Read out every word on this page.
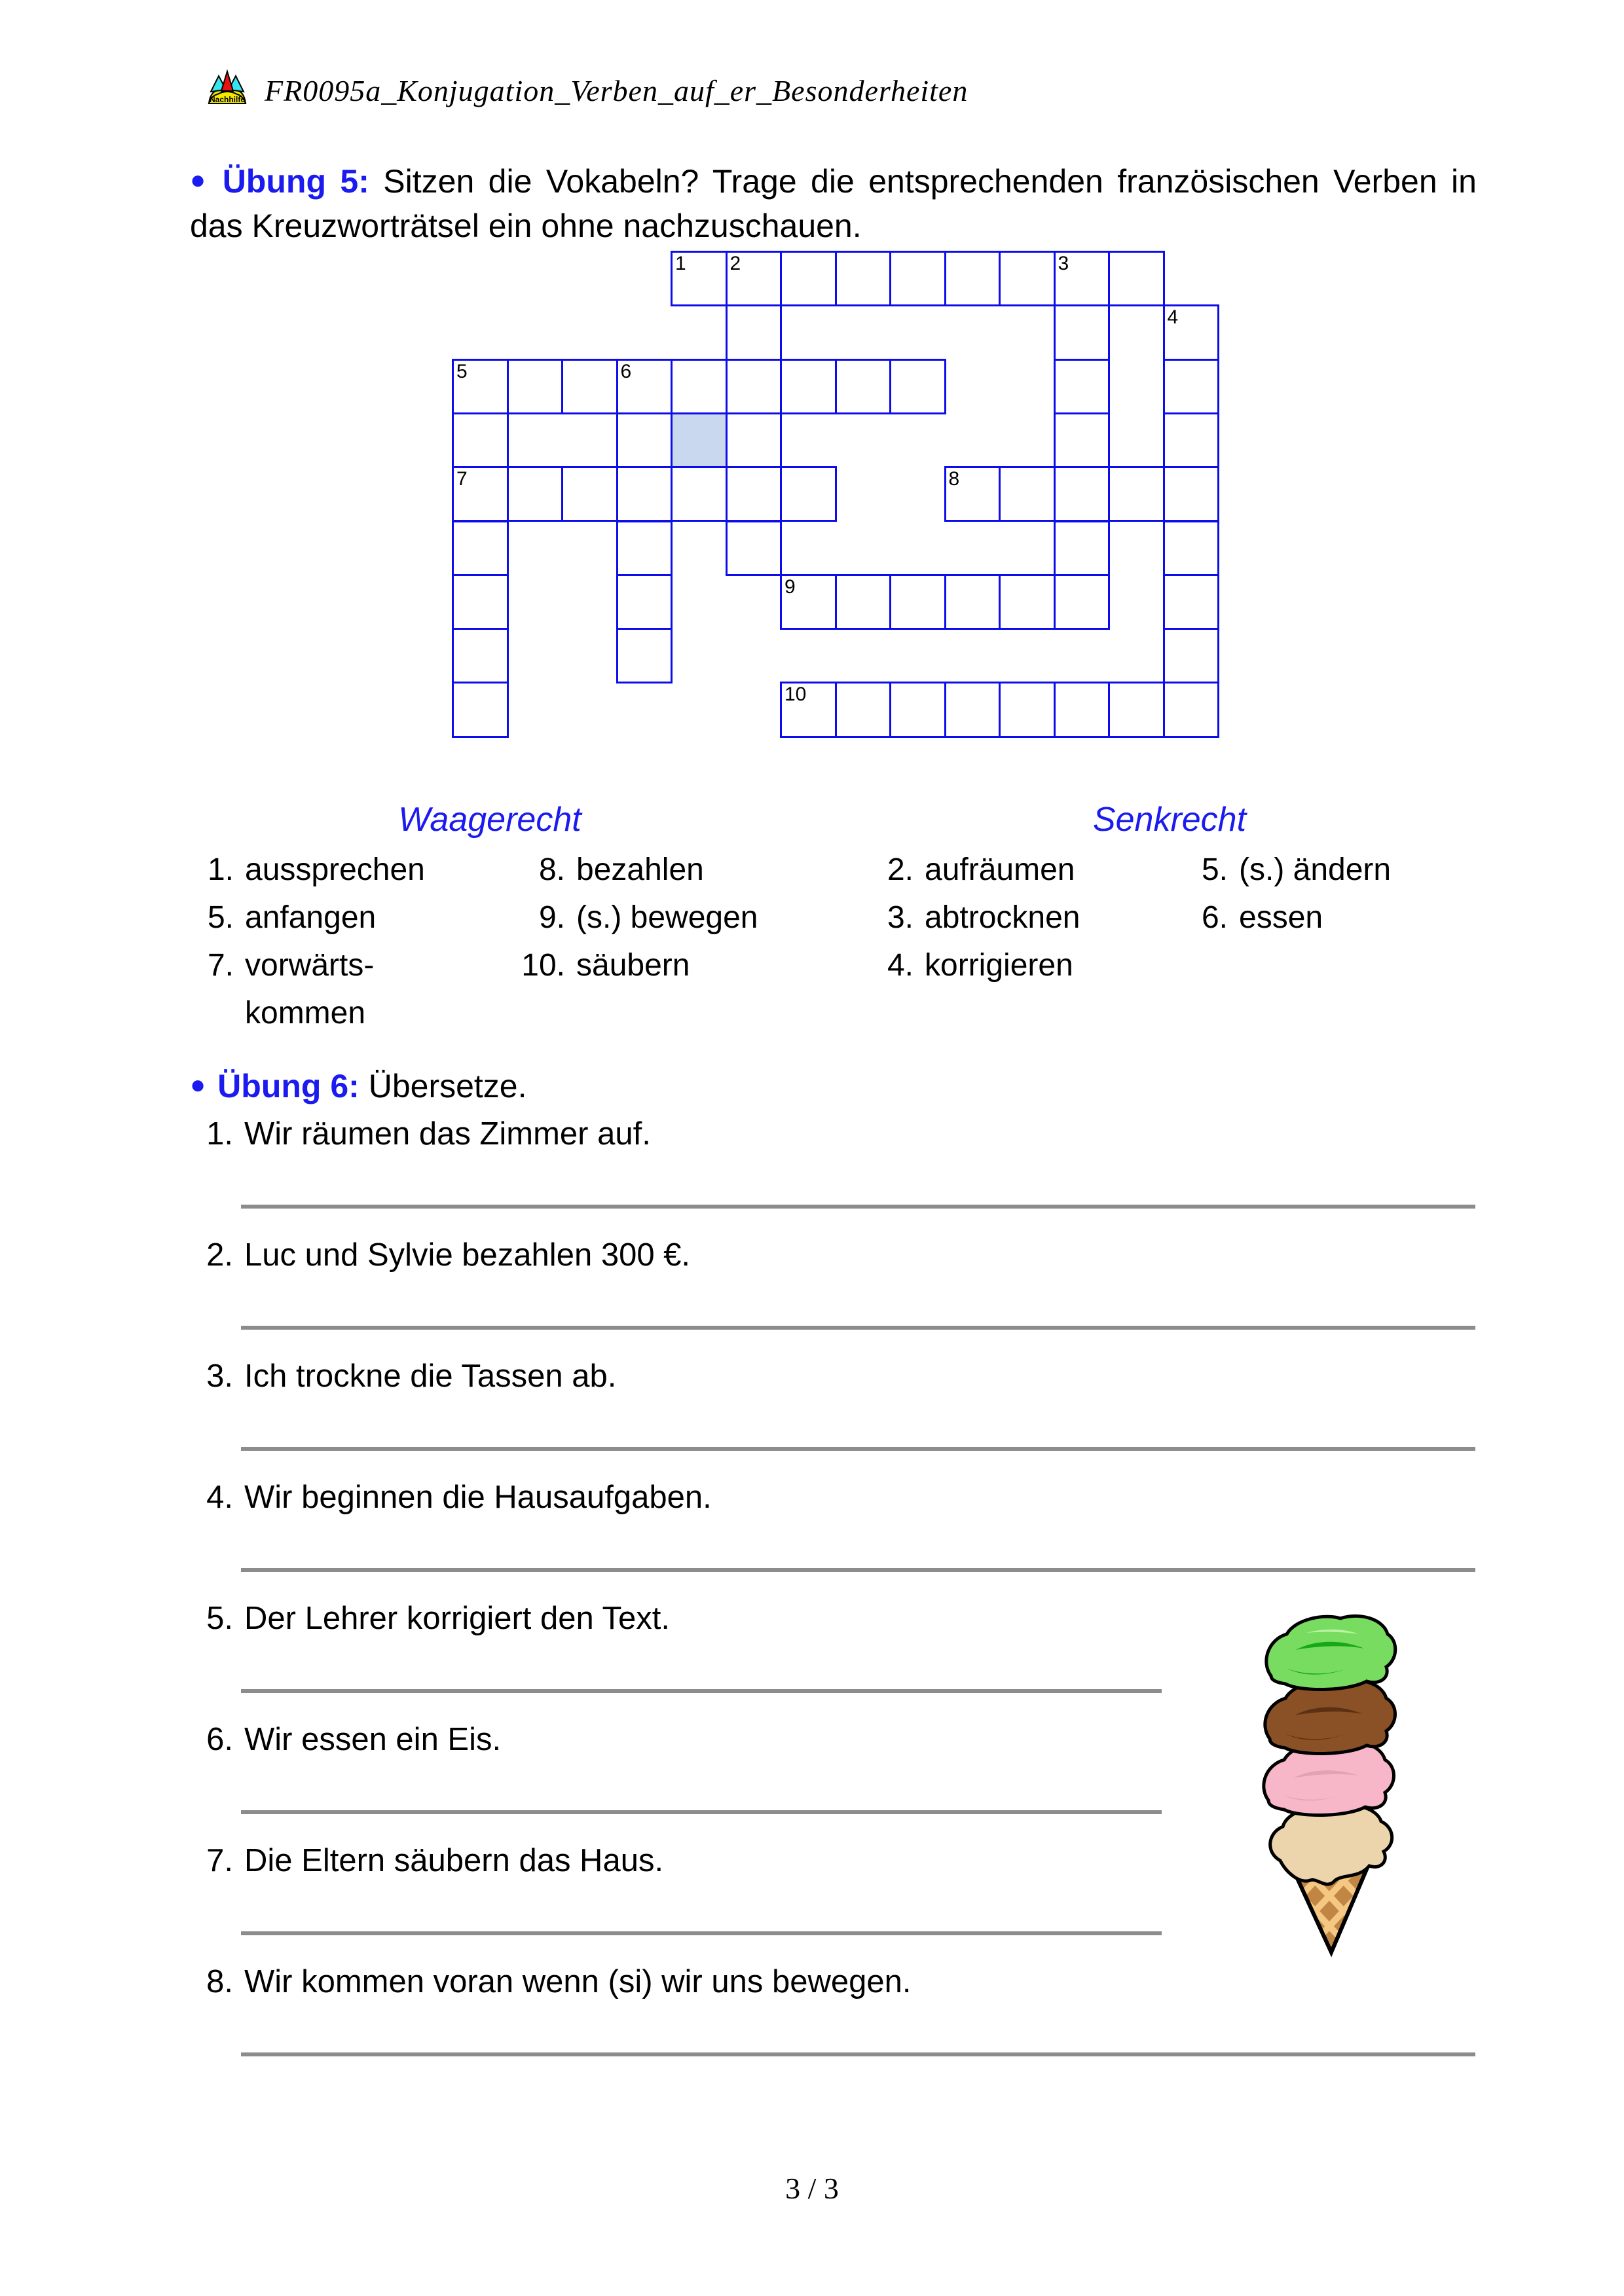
Nachhilfe FR0095a_Konjugation_Verben_auf_er_Besonderheiten
● Übung 5: Sitzen die Vokabeln? Trage die entsprechenden französischen Verben in
das Kreuzworträtsel ein ohne nachzuschauen.
1 2	3
4
5	6
7	8
9
10
Waagerecht	Senkrecht
1. aussprechen
5. anfangen
7. vorwärts-
kommen
8. bezahlen
9. (s.) bewegen
10. säubern
2. aufräumen
3. abtrocknen
4. korrigieren
5. (s.) ändern
6. essen
● Übung 6: Übersetze.
1. Wir räumen das Zimmer auf.
2. Luc und Sylvie bezahlen 300 €.
3. Ich trockne die Tassen ab.
4. Wir beginnen die Hausaufgaben.
5. Der Lehrer korrigiert den Text.
6. Wir essen ein Eis.
7. Die Eltern säubern das Haus.
8. Wir kommen voran wenn (si) wir uns bewegen.
3 / 3
